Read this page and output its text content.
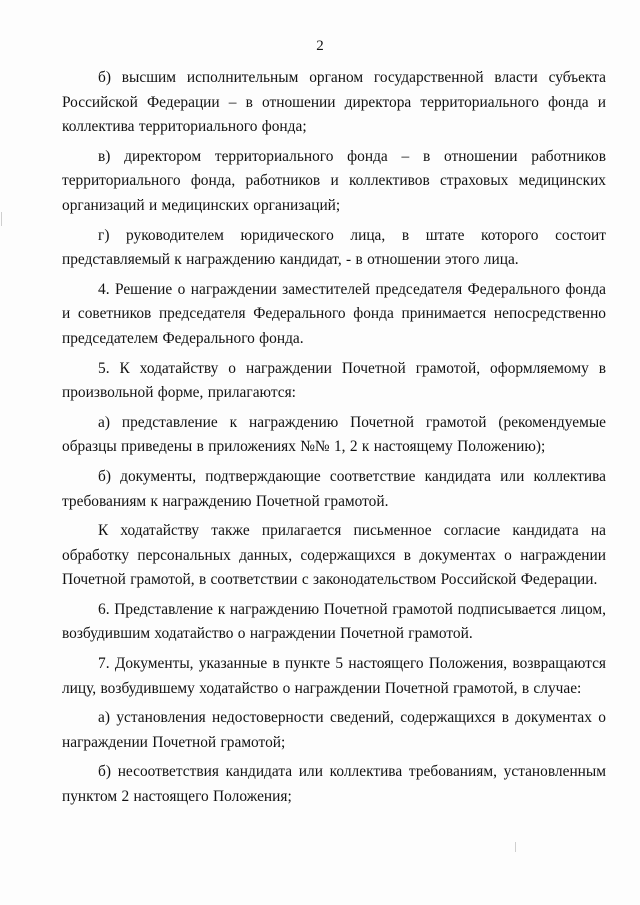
2

б) высшим исполнительным органом государственной власти субъекта Российской Федерации – в отношении директора территориального фонда и коллектива территориального фонда;

в) директором территориального фонда – в отношении работников территориального фонда, работников и коллективов страховых медицинских организаций и медицинских организаций;

г) руководителем юридического лица, в штате которого состоит представляемый к награждению кандидат, - в отношении этого лица.

4. Решение о награждении заместителей председателя Федерального фонда и советников председателя Федерального фонда принимается непосредственно председателем Федерального фонда.

5. К ходатайству о награждении Почетной грамотой, оформляемому в произвольной форме, прилагаются:

а) представление к награждению Почетной грамотой (рекомендуемые образцы приведены в приложениях №№ 1, 2 к настоящему Положению);

б) документы, подтверждающие соответствие кандидата или коллектива требованиям к награждению Почетной грамотой.

К ходатайству также прилагается письменное согласие кандидата на обработку персональных данных, содержащихся в документах о награждении Почетной грамотой, в соответствии с законодательством Российской Федерации.

6. Представление к награждению Почетной грамотой подписывается лицом, возбудившим ходатайство о награждении Почетной грамотой.

7. Документы, указанные в пункте 5 настоящего Положения, возвращаются лицу, возбудившему ходатайство о награждении Почетной грамотой, в случае:

а) установления недостоверности сведений, содержащихся в документах о награждении Почетной грамотой;

б) несоответствия кандидата или коллектива требованиям, установленным пунктом 2 настоящего Положения;
